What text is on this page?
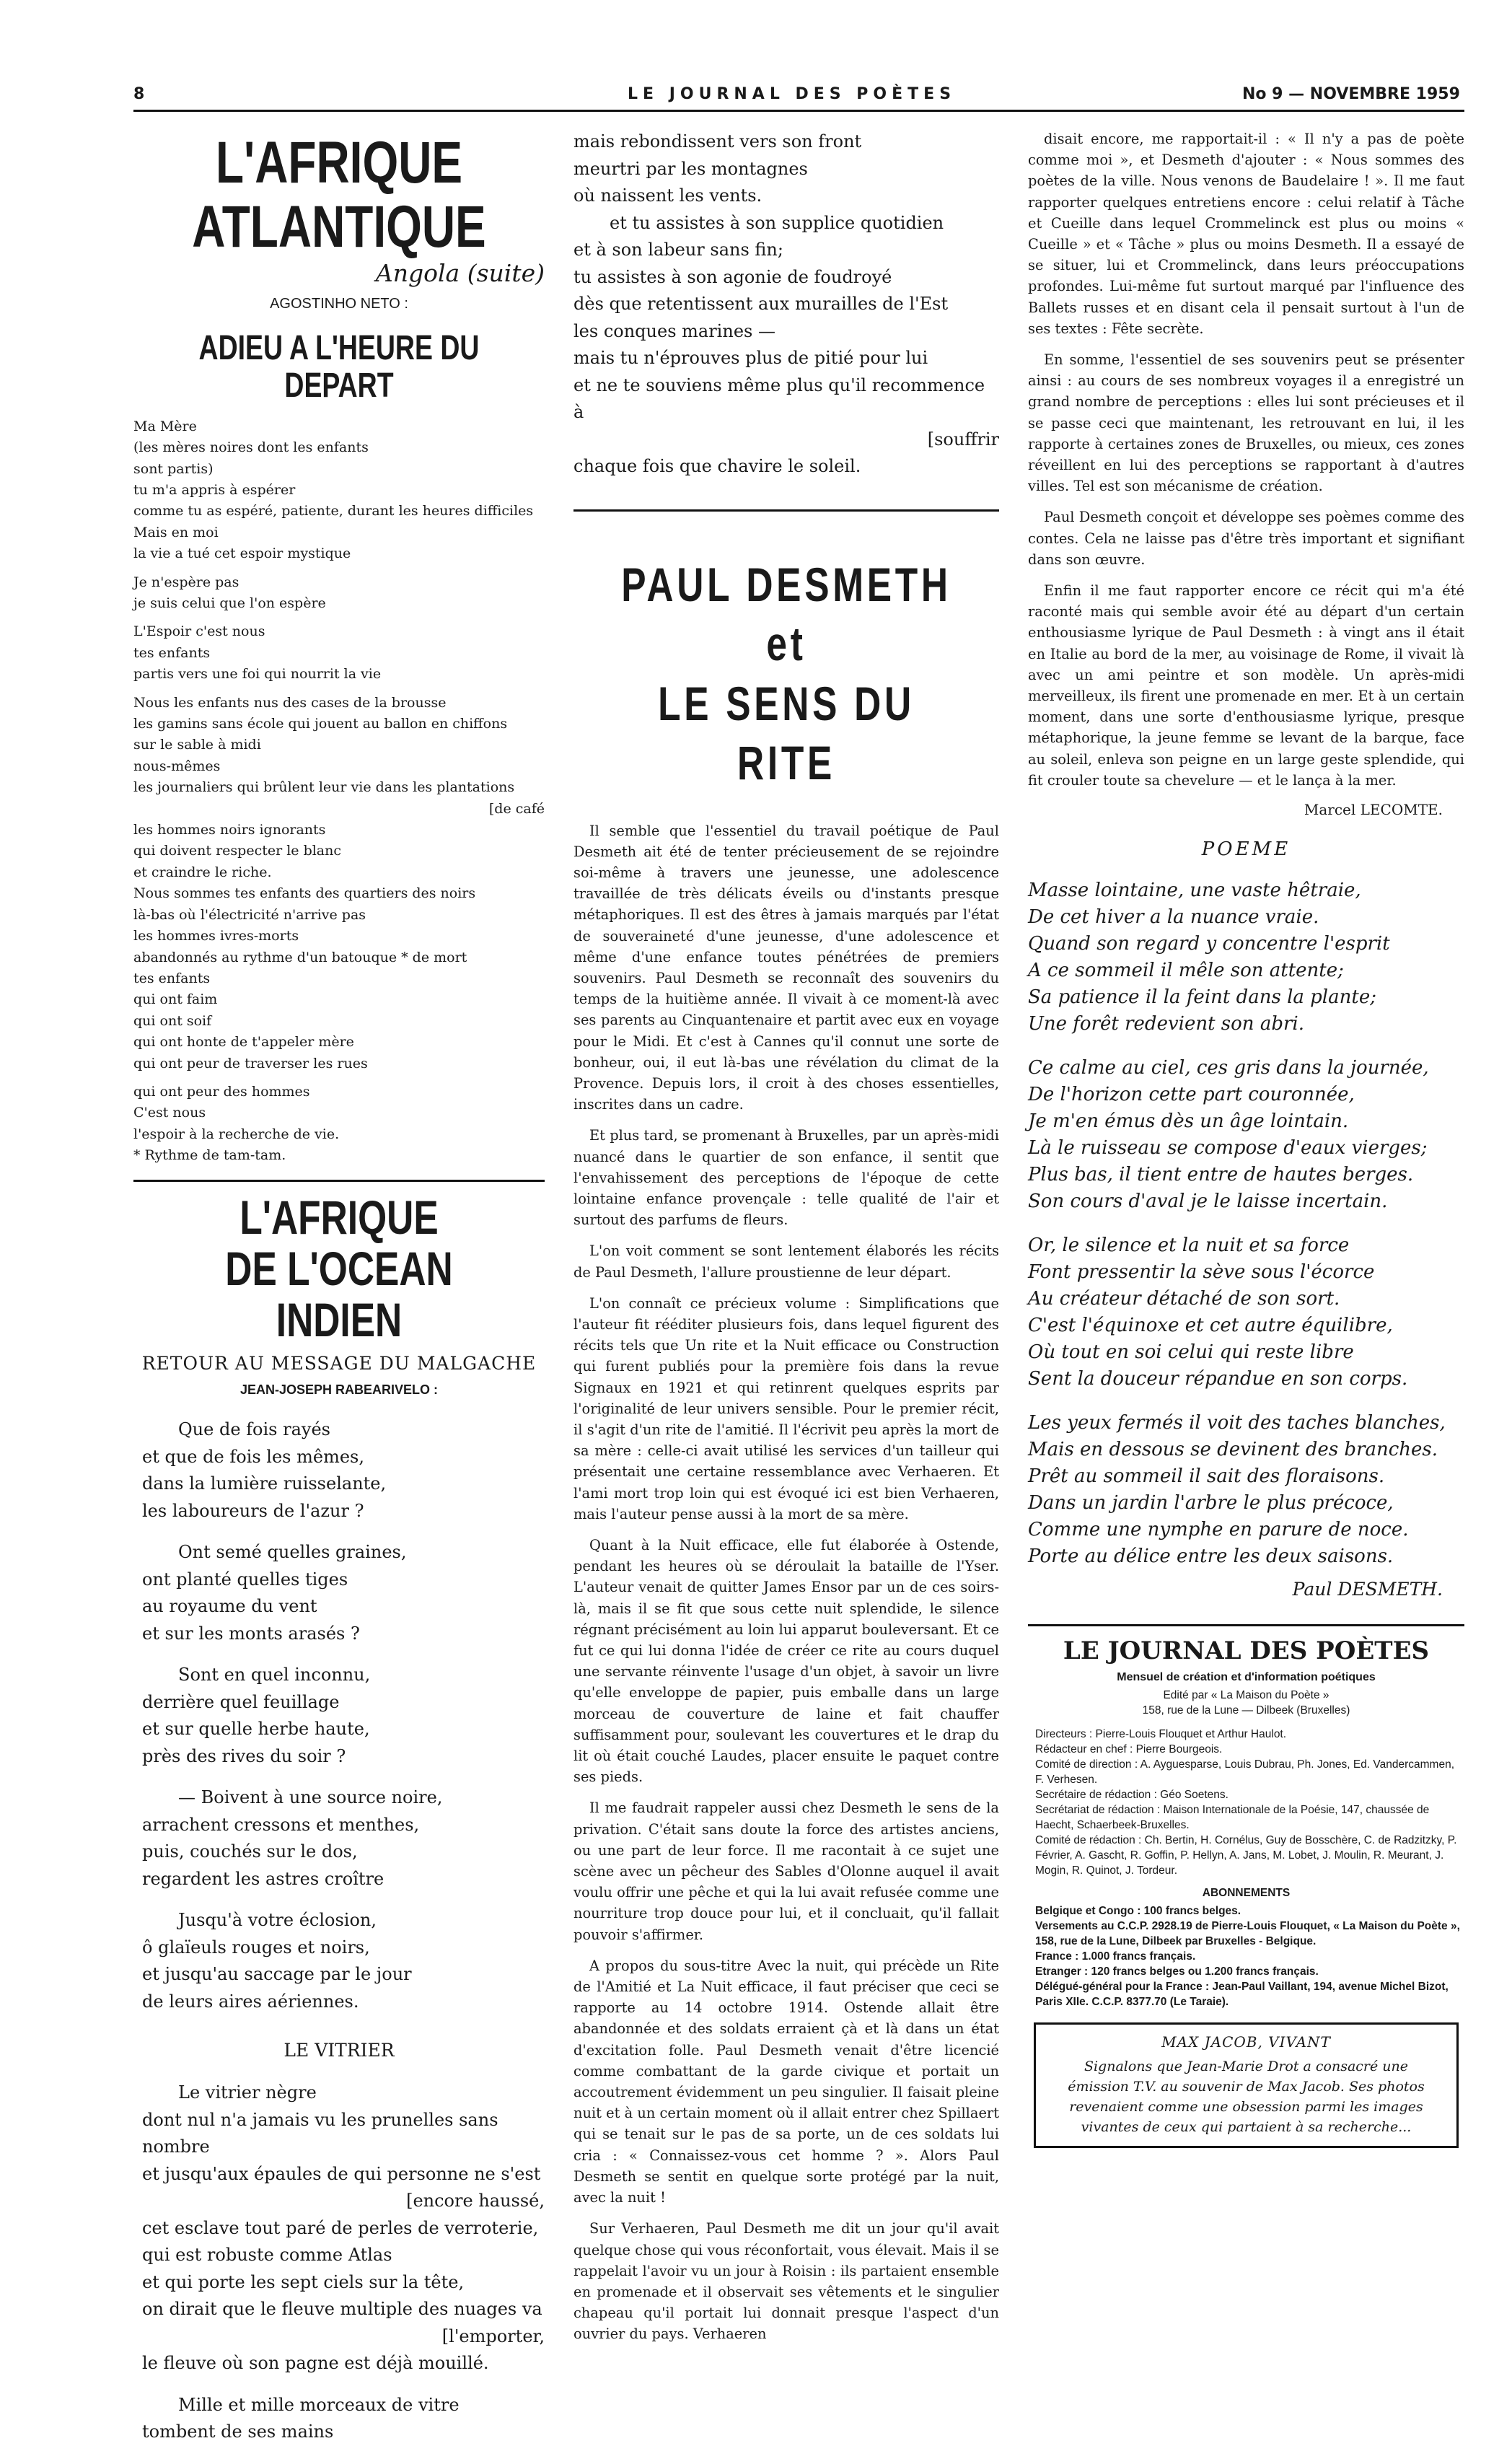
8	LE JOURNAL DES POÈTES	No 9 — NOVEMBRE 1959
L'AFRIQUE
ATLANTIQUE
Angola (suite)
AGOSTINHO NETO :
ADIEU A L'HEURE DU DEPART

Ma Mère

(les mères noires dont les enfants

sont partis)

tu m'a appris à espérer

comme tu as espéré, patiente, durant les heures difficiles

Mais en moi

la vie a tué cet espoir mystique

Je n'espère pas

je suis celui que l'on espère

L'Espoir c'est nous

tes enfants

partis vers une foi qui nourrit la vie

Nous les enfants nus des cases de la brousse

les gamins sans école qui jouent au ballon en chiffons

sur le sable à midi

nous-mêmes

les journaliers qui brûlent leur vie dans les plantations

[de café

les hommes noirs ignorants

qui doivent respecter le blanc

et craindre le riche.

Nous sommes tes enfants des quartiers des noirs

là-bas où l'électricité n'arrive pas

les hommes ivres-morts

abandonnés au rythme d'un batouque * de mort

tes enfants

qui ont faim

qui ont soif

qui ont honte de t'appeler mère

qui ont peur de traverser les rues

qui ont peur des hommes

C'est nous

l'espoir à la recherche de vie.

* Rythme de tam-tam.

L'AFRIQUE
DE L'OCEAN INDIEN
RETOUR AU MESSAGE DU MALGACHE
JEAN-JOSEPH RABEARIVELO :

Que de fois rayés

et que de fois les mêmes,

dans la lumière ruisselante,

les laboureurs de l'azur ?

Ont semé quelles graines,

ont planté quelles tiges

au royaume du vent

et sur les monts arasés ?

Sont en quel inconnu,

derrière quel feuillage

et sur quelle herbe haute,

près des rives du soir ?

— Boivent à une source noire,

arrachent cressons et menthes,

puis, couchés sur le dos,

regardent les astres croître

Jusqu'à votre éclosion,

ô glaïeuls rouges et noirs,

et jusqu'au saccage par le jour

de leurs aires aériennes.

LE VITRIER

Le vitrier nègre

dont nul n'a jamais vu les prunelles sans nombre

et jusqu'aux épaules de qui personne ne s'est

[encore haussé,

cet esclave tout paré de perles de verroterie,

qui est robuste comme Atlas

et qui porte les sept ciels sur la tête,

on dirait que le fleuve multiple des nuages va

[l'emporter,

le fleuve où son pagne est déjà mouillé.

Mille et mille morceaux de vitre

tombent de ses mains

mais rebondissent vers son front

meurtri par les montagnes

où naissent les vents.

et tu assistes à son supplice quotidien

et à son labeur sans fin;

tu assistes à son agonie de foudroyé

dès que retentissent aux murailles de l'Est

les conques marines —

mais tu n'éprouves plus de pitié pour lui

et ne te souviens même plus qu'il recommence à

[souffrir

chaque fois que chavire le soleil.

PAUL DESMETH
et
LE SENS DU RITE

Il semble que l'essentiel du travail poétique de Paul Desmeth ait été de tenter précieusement de se rejoindre soi-même à travers une jeunesse, une adolescence travaillée de très délicats éveils ou d'instants presque métaphoriques. Il est des êtres à jamais marqués par l'état de souveraineté d'une jeunesse, d'une adolescence et même d'une enfance toutes pénétrées de premiers souvenirs. Paul Desmeth se reconnaît des souvenirs du temps de la huitième année. Il vivait à ce moment-là avec ses parents au Cinquantenaire et partit avec eux en voyage pour le Midi. Et c'est à Cannes qu'il connut une sorte de bonheur, oui, il eut là-bas une révélation du climat de la Provence. Depuis lors, il croit à des choses essentielles, inscrites dans un cadre.

Et plus tard, se promenant à Bruxelles, par un après-midi nuancé dans le quartier de son enfance, il sentit que l'envahissement des perceptions de l'époque de cette lointaine enfance provençale : telle qualité de l'air et surtout des parfums de fleurs.

L'on voit comment se sont lentement élaborés les récits de Paul Desmeth, l'allure proustienne de leur départ.

L'on connaît ce précieux volume : Simplifications que l'auteur fit rééditer plusieurs fois, dans lequel figurent des récits tels que Un rite et la Nuit efficace ou Construction qui furent publiés pour la première fois dans la revue Signaux en 1921 et qui retinrent quelques esprits par l'originalité de leur univers sensible. Pour le premier récit, il s'agit d'un rite de l'amitié. Il l'écrivit peu après la mort de sa mère : celle-ci avait utilisé les services d'un tailleur qui présentait une certaine ressemblance avec Verhaeren. Et l'ami mort trop loin qui est évoqué ici est bien Verhaeren, mais l'auteur pense aussi à la mort de sa mère.

Quant à la Nuit efficace, elle fut élaborée à Ostende, pendant les heures où se déroulait la bataille de l'Yser. L'auteur venait de quitter James Ensor par un de ces soirs-là, mais il se fit que sous cette nuit splendide, le silence régnant précisément au loin lui apparut bouleversant. Et ce fut ce qui lui donna l'idée de créer ce rite au cours duquel une servante réinvente l'usage d'un objet, à savoir un livre qu'elle enveloppe de papier, puis emballe dans un large morceau de couverture de laine et fait chauffer suffisamment pour, soulevant les couvertures et le drap du lit où était couché Laudes, placer ensuite le paquet contre ses pieds.

Il me faudrait rappeler aussi chez Desmeth le sens de la privation. C'était sans doute la force des artistes anciens, ou une part de leur force. Il me racontait à ce sujet une scène avec un pêcheur des Sables d'Olonne auquel il avait voulu offrir une pêche et qui la lui avait refusée comme une nourriture trop douce pour lui, et il concluait, qu'il fallait pouvoir s'affirmer.

A propos du sous-titre Avec la nuit, qui précède un Rite de l'Amitié et La Nuit efficace, il faut préciser que ceci se rapporte au 14 octobre 1914. Ostende allait être abandonnée et des soldats erraient çà et là dans un état d'excitation folle. Paul Desmeth venait d'être licencié comme combattant de la garde civique et portait un accoutrement évidemment un peu singulier. Il faisait pleine nuit et à un certain moment où il allait entrer chez Spillaert qui se tenait sur le pas de sa porte, un de ces soldats lui cria : « Connaissez-vous cet homme ? ». Alors Paul Desmeth se sentit en quelque sorte protégé par la nuit, avec la nuit !

Sur Verhaeren, Paul Desmeth me dit un jour qu'il avait quelque chose qui vous réconfortait, vous élevait. Mais il se rappelait l'avoir vu un jour à Roisin : ils partaient ensemble en promenade et il observait ses vêtements et le singulier chapeau qu'il portait lui donnait presque l'aspect d'un ouvrier du pays. Verhaeren

disait encore, me rapportait-il : « Il n'y a pas de poète comme moi », et Desmeth d'ajouter : « Nous sommes des poètes de la ville. Nous venons de Baudelaire ! ». Il me faut rapporter quelques entretiens encore : celui relatif à Tâche et Cueille dans lequel Crommelinck est plus ou moins « Cueille » et « Tâche » plus ou moins Desmeth. Il a essayé de se situer, lui et Crommelinck, dans leurs préoccupations profondes. Lui-même fut surtout marqué par l'influence des Ballets russes et en disant cela il pensait surtout à l'un de ses textes : Fête secrète.

En somme, l'essentiel de ses souvenirs peut se présenter ainsi : au cours de ses nombreux voyages il a enregistré un grand nombre de perceptions : elles lui sont précieuses et il se passe ceci que maintenant, les retrouvant en lui, il les rapporte à certaines zones de Bruxelles, ou mieux, ces zones réveillent en lui des perceptions se rapportant à d'autres villes. Tel est son mécanisme de création.

Paul Desmeth conçoit et développe ses poèmes comme des contes. Cela ne laisse pas d'être très important et signifiant dans son œuvre.

Enfin il me faut rapporter encore ce récit qui m'a été raconté mais qui semble avoir été au départ d'un certain enthousiasme lyrique de Paul Desmeth : à vingt ans il était en Italie au bord de la mer, au voisinage de Rome, il vivait là avec un ami peintre et son modèle. Un après-midi merveilleux, ils firent une promenade en mer. Et à un certain moment, dans une sorte d'enthousiasme lyrique, presque métaphorique, la jeune femme se levant de la barque, face au soleil, enleva son peigne en un large geste splendide, qui fit crouler toute sa chevelure — et le lança à la mer.

Marcel LECOMTE.
POEME

Masse lointaine, une vaste hêtraie,

De cet hiver a la nuance vraie.

Quand son regard y concentre l'esprit

A ce sommeil il mêle son attente;

Sa patience il la feint dans la plante;

Une forêt redevient son abri.

Ce calme au ciel, ces gris dans la journée,

De l'horizon cette part couronnée,

Je m'en émus dès un âge lointain.

Là le ruisseau se compose d'eaux vierges;

Plus bas, il tient entre de hautes berges.

Son cours d'aval je le laisse incertain.

Or, le silence et la nuit et sa force

Font pressentir la sève sous l'écorce

Au créateur détaché de son sort.

C'est l'équinoxe et cet autre équilibre,

Où tout en soi celui qui reste libre

Sent la douceur répandue en son corps.

Les yeux fermés il voit des taches blanches,

Mais en dessous se devinent des branches.

Prêt au sommeil il sait des floraisons.

Dans un jardin l'arbre le plus précoce,

Comme une nymphe en parure de noce.

Porte au délice entre les deux saisons.

Paul DESMETH.
LE JOURNAL DES POÈTES
Mensuel de création et d'information poétiques
Edité par « La Maison du Poète »
158, rue de la Lune — Dilbeek (Bruxelles)

Directeurs : Pierre-Louis Flouquet et Arthur Haulot.

Rédacteur en chef : Pierre Bourgeois.

Comité de direction : A. Ayguesparse, Louis Dubrau, Ph. Jones, Ed. Vandercammen, F. Verhesen.

Secrétaire de rédaction : Géo Soetens.

Secrétariat de rédaction : Maison Internationale de la Poésie, 147, chaussée de Haecht, Schaerbeek-Bruxelles.

Comité de rédaction : Ch. Bertin, H. Cornélus, Guy de Bosschère, C. de Radzitzky, P. Février, A. Gascht, R. Goffin, P. Hellyn, A. Jans, M. Lobet, J. Moulin, R. Meurant, J. Mogin, R. Quinot, J. Tordeur.

ABONNEMENTS

Belgique et Congo : 100 francs belges.

Versements au C.C.P. 2928.19 de Pierre-Louis Flouquet, « La Maison du Poète », 158, rue de la Lune, Dilbeek par Bruxelles - Belgique.

France : 1.000 francs français.

Etranger : 120 francs belges ou 1.200 francs français.

Délégué-général pour la France : Jean-Paul Vaillant, 194, avenue Michel Bizot, Paris XIIe. C.C.P. 8377.70 (Le Taraie).

MAX JACOB, VIVANT
Signalons que Jean-Marie Drot a consacré une émission T.V. au souvenir de Max Jacob. Ses photos revenaient comme une obsession parmi les images vivantes de ceux qui partaient à sa recherche...
